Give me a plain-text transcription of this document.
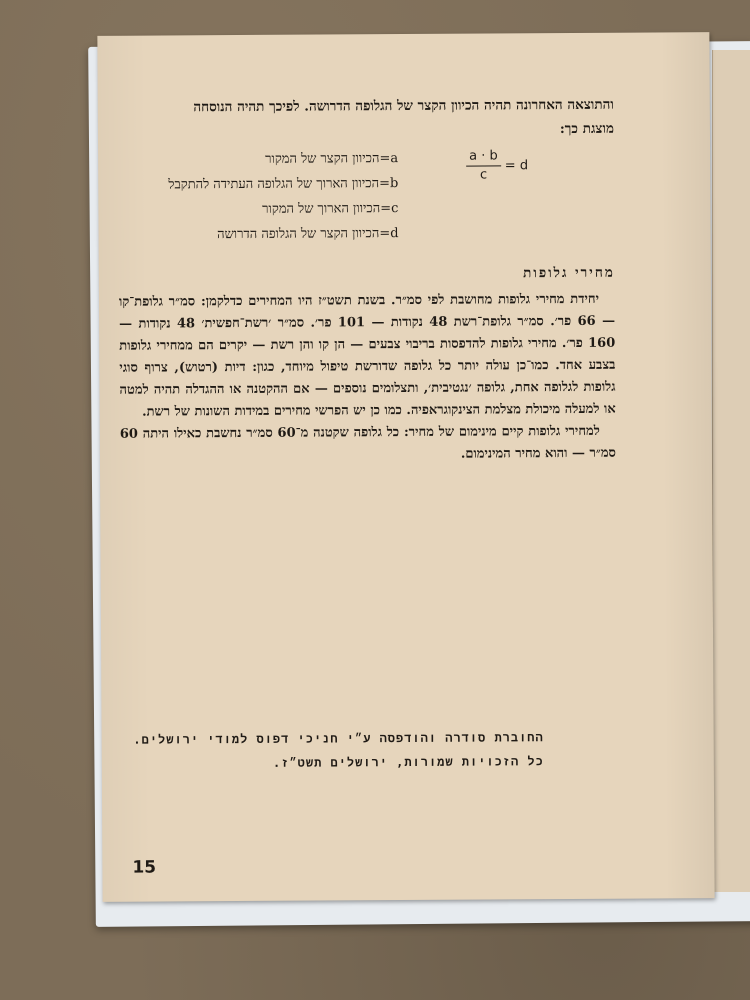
והתוצאה האחרונה תהיה הכיוון הקצר של הגלופה הדרושה. לפיכך תהיה הנוסחה
מוצגת כך:
$\frac{a \cdot b}{c} = d$
a=הכיוון הקצר של המקור
b=הכיוון הארוך של הגלופה העתידה להתקבל
c=הכיוון הארוך של המקור
d=הכיוון הקצר של הגלופה הדרושה
מחירי גלופות

יחידת מחירי גלופות מחושבת לפי סמ״ר. בשנת תשט״ז היו המחירים כדלקמן: סמ״ר גלופת־קו — 66 פר׳. סמ״ר גלופת־רשת 48 נקודות — 101 פר׳. סמ״ר ׳רשת־חפשית׳ 48 נקודות — 160 פר׳. מחירי גלופות להדפסות בריבוי צבעים — הן קו והן רשת — יקרים הם ממחירי גלופות בצבע אחד. כמו־כן עולה יותר כל גלופה שדורשת טיפול מיוחד, כגון: דיות (רטוש), צרוף סוגי גלופות לגלופה אחת, גלופה ׳נגטיבית׳, ותצלומים נוספים — אם ההקטנה או ההגדלה תהיה למטה או למעלה מיכולת מצלמת הצינקוגראפיה. כמו כן יש הפרשי מחירים במידות השונות של רשת.

למחירי גלופות קיים מינימום של מחיר: כל גלופה שקטנה מ־60 סמ״ר נחשבת כאילו היתה 60 סמ״ר — והוא מחיר המינימום.

החוברת סודרה והודפסה ע״י חניכי דפוס למודי ירושלים.
כל הזכויות שמורות, ירושלים תשט״ז.
15
